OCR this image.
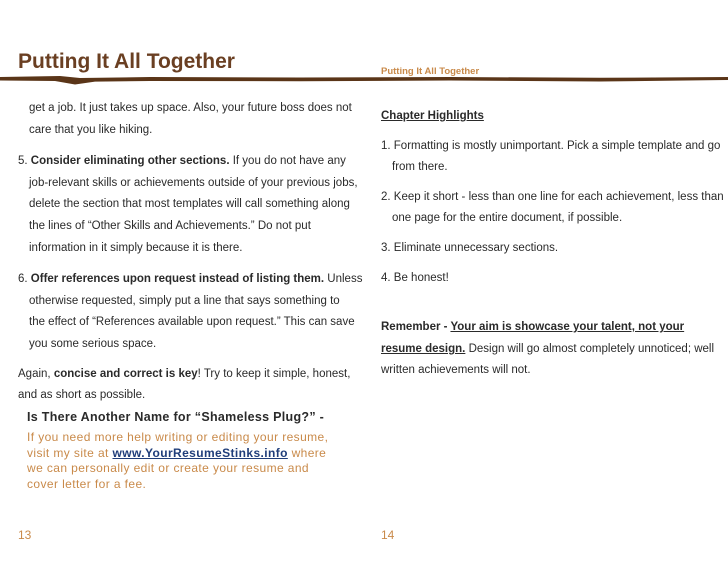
Putting It All Together	Putting It All Together

get a job. It just takes up space. Also, your future boss does not

care that you like hiking.

5. Consider eliminating other sections. If you do not have any

job-relevant skills or achievements outside of your previous jobs,

delete the section that most templates will call something along

the lines of “Other Skills and Achievements.” Do not put

information in it simply because it is there.

6. Offer references upon request instead of listing them. Unless

otherwise requested, simply put a line that says something to

the effect of “References available upon request.” This can save

you some serious space.

Again, concise and correct is key! Try to keep it simple, honest,

and as short as possible.

Is There Another Name for “Shameless Plug?” -
If you need more help writing or editing your resume,
visit my site at www.YourResumeStinks.info where
we can personally edit or create your resume and
cover letter for a fee.

Chapter Highlights

1. Formatting is mostly unimportant. Pick a simple template and go

from there.

2. Keep it short - less than one line for each achievement, less than

one page for the entire document, if possible.

3. Eliminate unnecessary sections.

4. Be honest!

Remember - Your aim is showcase your talent, not your

resume design. Design will go almost completely unnoticed; well

written achievements will not.

13	14
